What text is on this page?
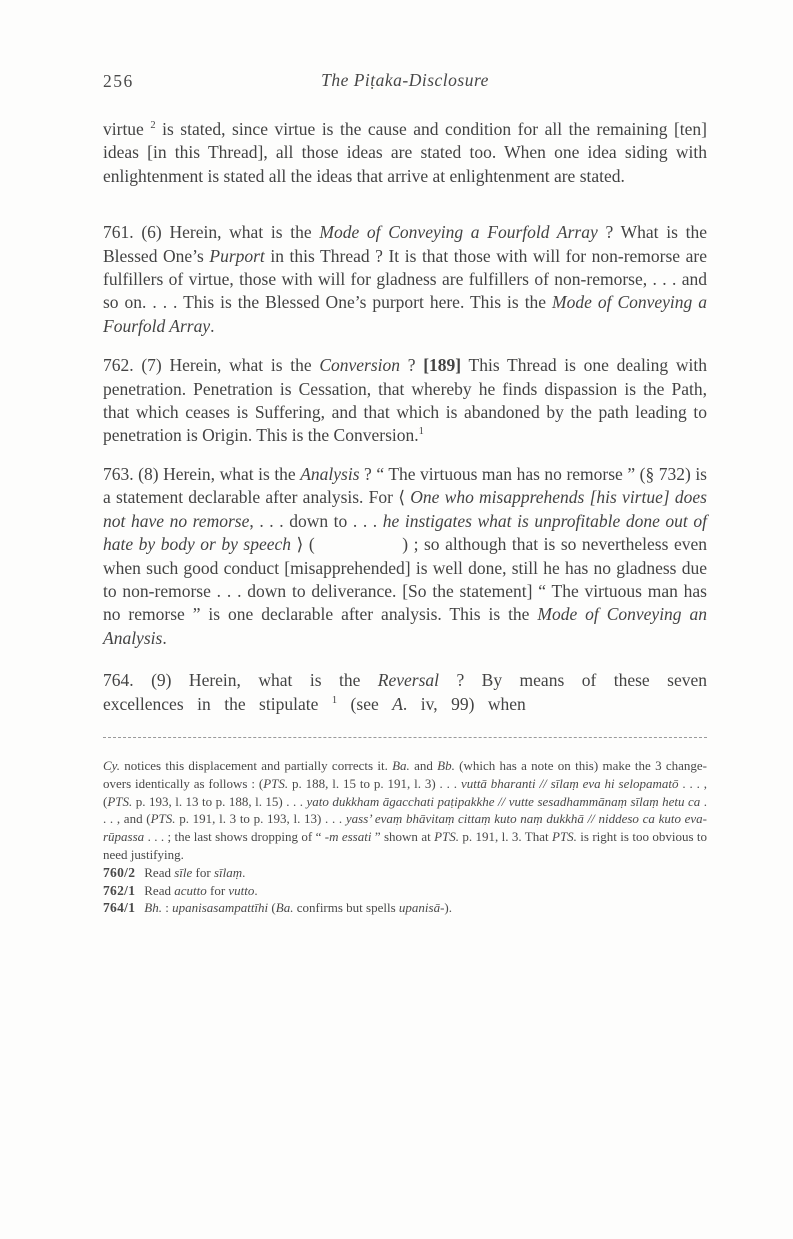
256	The Piṭaka-Disclosure

virtue $^2$ is stated, since virtue is the cause and condition for all the remaining [ten] ideas [in this Thread], all those ideas are stated too. When one idea siding with enlightenment is stated all the ideas that arrive at enlightenment are stated.

761. (6) Herein, what is the Mode of Conveying a Fourfold Array ? What is the Blessed One’s Purport in this Thread ? It is that those with will for non-remorse are fulfillers of virtue, those with will for gladness are fulfillers of non-remorse, . . . and so on. . . . This is the Blessed One’s purport here. This is the Mode of Conveying a Fourfold Array.

762. (7) Herein, what is the Conversion ? [189] This Thread is one dealing with penetration. Penetration is Cessation, that whereby he finds dispassion is the Path, that which ceases is Suffering, and that which is abandoned by the path leading to penetration is Origin. This is the Conversion.$^1$

763. (8) Herein, what is the Analysis ? “ The virtuous man has no remorse ” (§ 732) is a statement declarable after analysis. For ⟨ One who misapprehends [his virtue] does not have no remorse, . . . down to . . . he instigates what is unprofitable done out of hate by body or by speech ⟩ (     ) ; so although that is so nevertheless even when such good conduct [misapprehended] is well done, still he has no gladness due to non-remorse . . . down to deliverance. [So the statement] “ The virtuous man has no remorse ” is one declarable after analysis. This is the Mode of Conveying an Analysis.

764. (9) Herein, what is the Reversal ? By means of these seven excellences in the stipulate $^1$ (see A. iv, 99) when

Cy. notices this displacement and partially corrects it. Ba. and Bb. (which has a note on this) make the 3 change-overs identically as follows : (PTS. p. 188, l. 15 to p. 191, l. 3) . . . vuttā bharanti // sīlaṃ eva hi selopamatō . . . , (PTS. p. 193, l. 13 to p. 188, l. 15) . . . yato dukkham āgacchati paṭipakkhe // vutte sesadhammānaṃ sīlaṃ hetu ca . . . , and (PTS. p. 191, l. 3 to p. 193, l. 13) . . . yass’ evaṃ bhāvitaṃ cittaṃ kuto naṃ dukkhā // niddeso ca kuto eva-rūpassa . . . ; the last shows dropping of “ -m essati ” shown at PTS. p. 191, l. 3. That PTS. is right is too obvious to need justifying.

760/2 Read sīle for sīlaṃ.
762/1 Read acutto for vutto.
764/1 Bh. : upanisasampattīhi (Ba. confirms but spells upanisā-).
